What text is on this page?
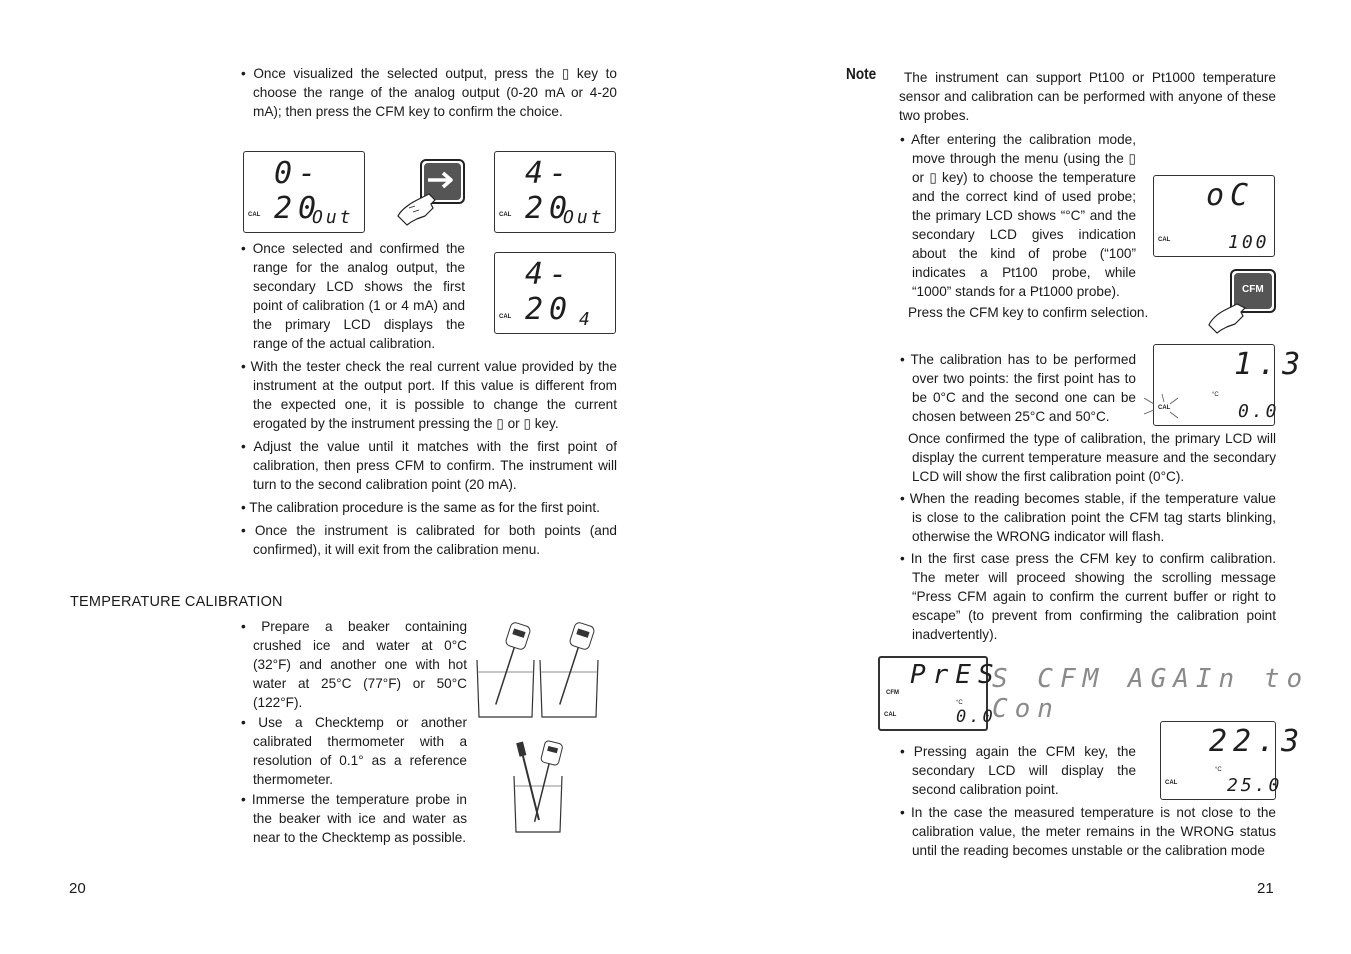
• Once visualized the selected output, press the ▯ key to choose the range of the analog output (0-20 mA or 4-20 mA); then press the CFM key to confirm the choice.

0-20
CAL	Out
4-20
CAL	Out

• Once selected and confirmed the range for the analog output, the secondary LCD shows the first point of calibration (1 or 4 mA) and the primary LCD displays the range of the actual calibration.

4-20
CAL	4

• With the tester check the real current value provided by the instrument at the output port. If this value is different from the expected one, it is possible to change the current erogated by the instrument pressing the ▯ or ▯ key.

• Adjust the value until it matches with the first point of calibration, then press CFM to confirm. The instrument will turn to the second calibration point (20 mA).

• The calibration procedure is the same as for the first point.

• Once the instrument is calibrated for both points (and confirmed), it will exit from the calibration menu.

TEMPERATURE CALIBRATION

• Prepare a beaker containing crushed ice and water at 0°C (32°F) and another one with hot water at 25°C (77°F) or 50°C (122°F).

• Use a Checktemp or another calibrated thermometer with a resolution of 0.1° as a reference thermometer.

• Immerse the temperature probe in the beaker with ice and water as near to the Checktemp as possible.

20
Note	The instrument can support Pt100 or Pt1000 temperature sensor and calibration can be performed with anyone of these two probes.

• After entering the calibration mode, move through the menu (using the ▯ or ▯ key) to choose the temperature and the correct kind of used probe; the primary LCD shows “°C” and the secondary LCD gives indication about the kind of probe (“100” indicates a Pt100 probe, while “1000” stands for a Pt1000 probe).

oC
CAL	100
CFM
Press the CFM key to confirm selection.

• The calibration has to be performed over two points: the first point has to be 0°C and the second one can be chosen between 25°C and 50°C.

1.3
°C
CAL	0.0

Once confirmed the type of calibration, the primary LCD will display the current temperature measure and the secondary LCD will show the first calibration point (0°C).

• When the reading becomes stable, if the temperature value is close to the calibration point the CFM tag starts blinking, otherwise the WRONG indicator will flash.

• In the first case press the CFM key to confirm calibration. The meter will proceed showing the scrolling message “Press CFM again to confirm the current buffer or right to escape” (to prevent from confirming the calibration point inadvertently).

PrES
CFM
°C
CAL	0.0
S CFM AGAIn to Con

• Pressing again the CFM key, the secondary LCD will display the second calibration point.

22.3
°C
CAL	25.0

• In the case the measured temperature is not close to the calibration value, the meter remains in the WRONG status until the reading becomes unstable or the calibration mode

21
